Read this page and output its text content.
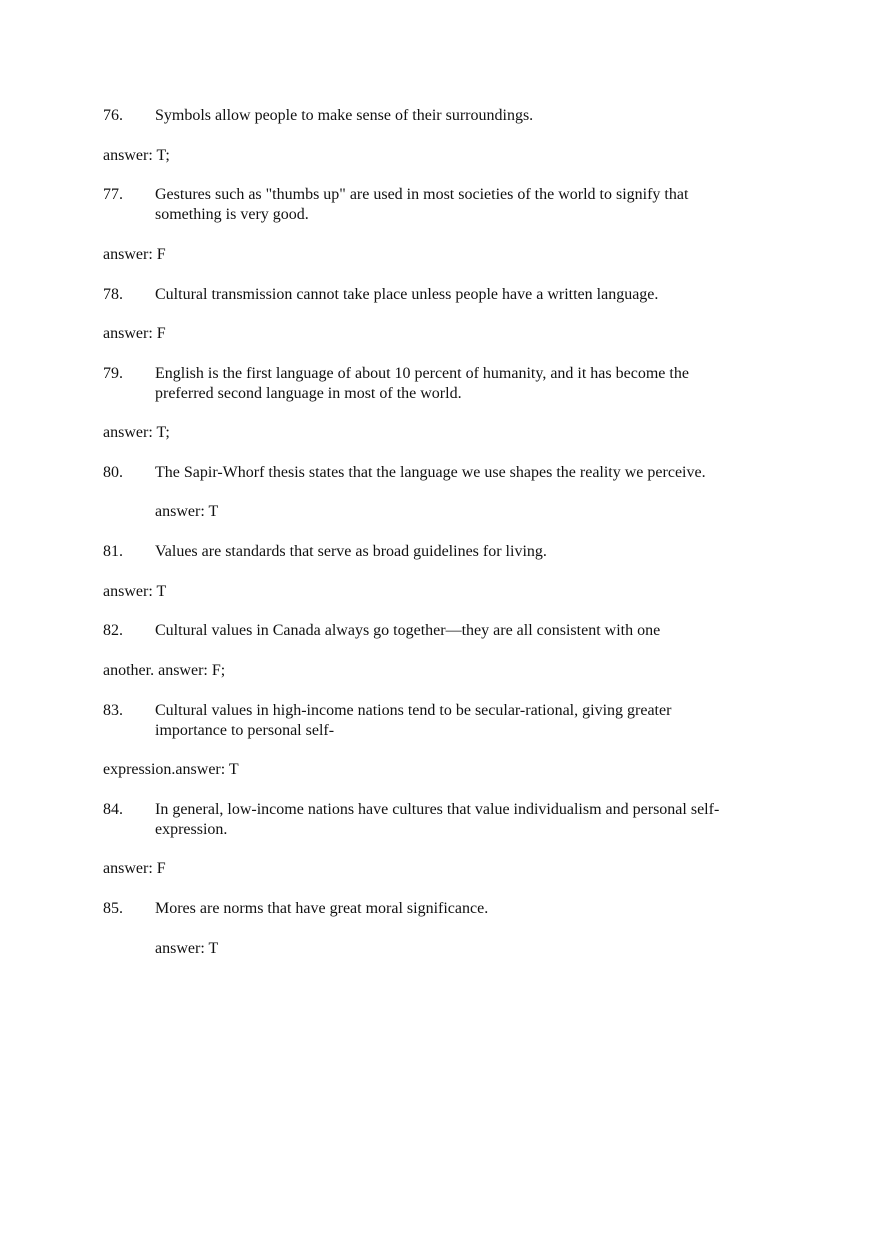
76. Symbols allow people to make sense of their surroundings.
answer: T;
77. Gestures such as "thumbs up" are used in most societies of the world to signify that
something is very good.
answer: F
78. Cultural transmission cannot take place unless people have a written language.
answer: F
79. English is the first language of about 10 percent of humanity, and it has become the
preferred second language in most of the world.
answer: T;
80. The Sapir-Whorf thesis states that the language we use shapes the reality we perceive.
answer: T
81. Values are standards that serve as broad guidelines for living.
answer: T
82. Cultural values in Canada always go together—they are all consistent with one
another. answer: F;
83. Cultural values in high-income nations tend to be secular-rational, giving greater
importance to personal self-
expression.answer: T
84. In general, low-income nations have cultures that value individualism and personal self-
expression.
answer: F
85. Mores are norms that have great moral significance.
answer: T
